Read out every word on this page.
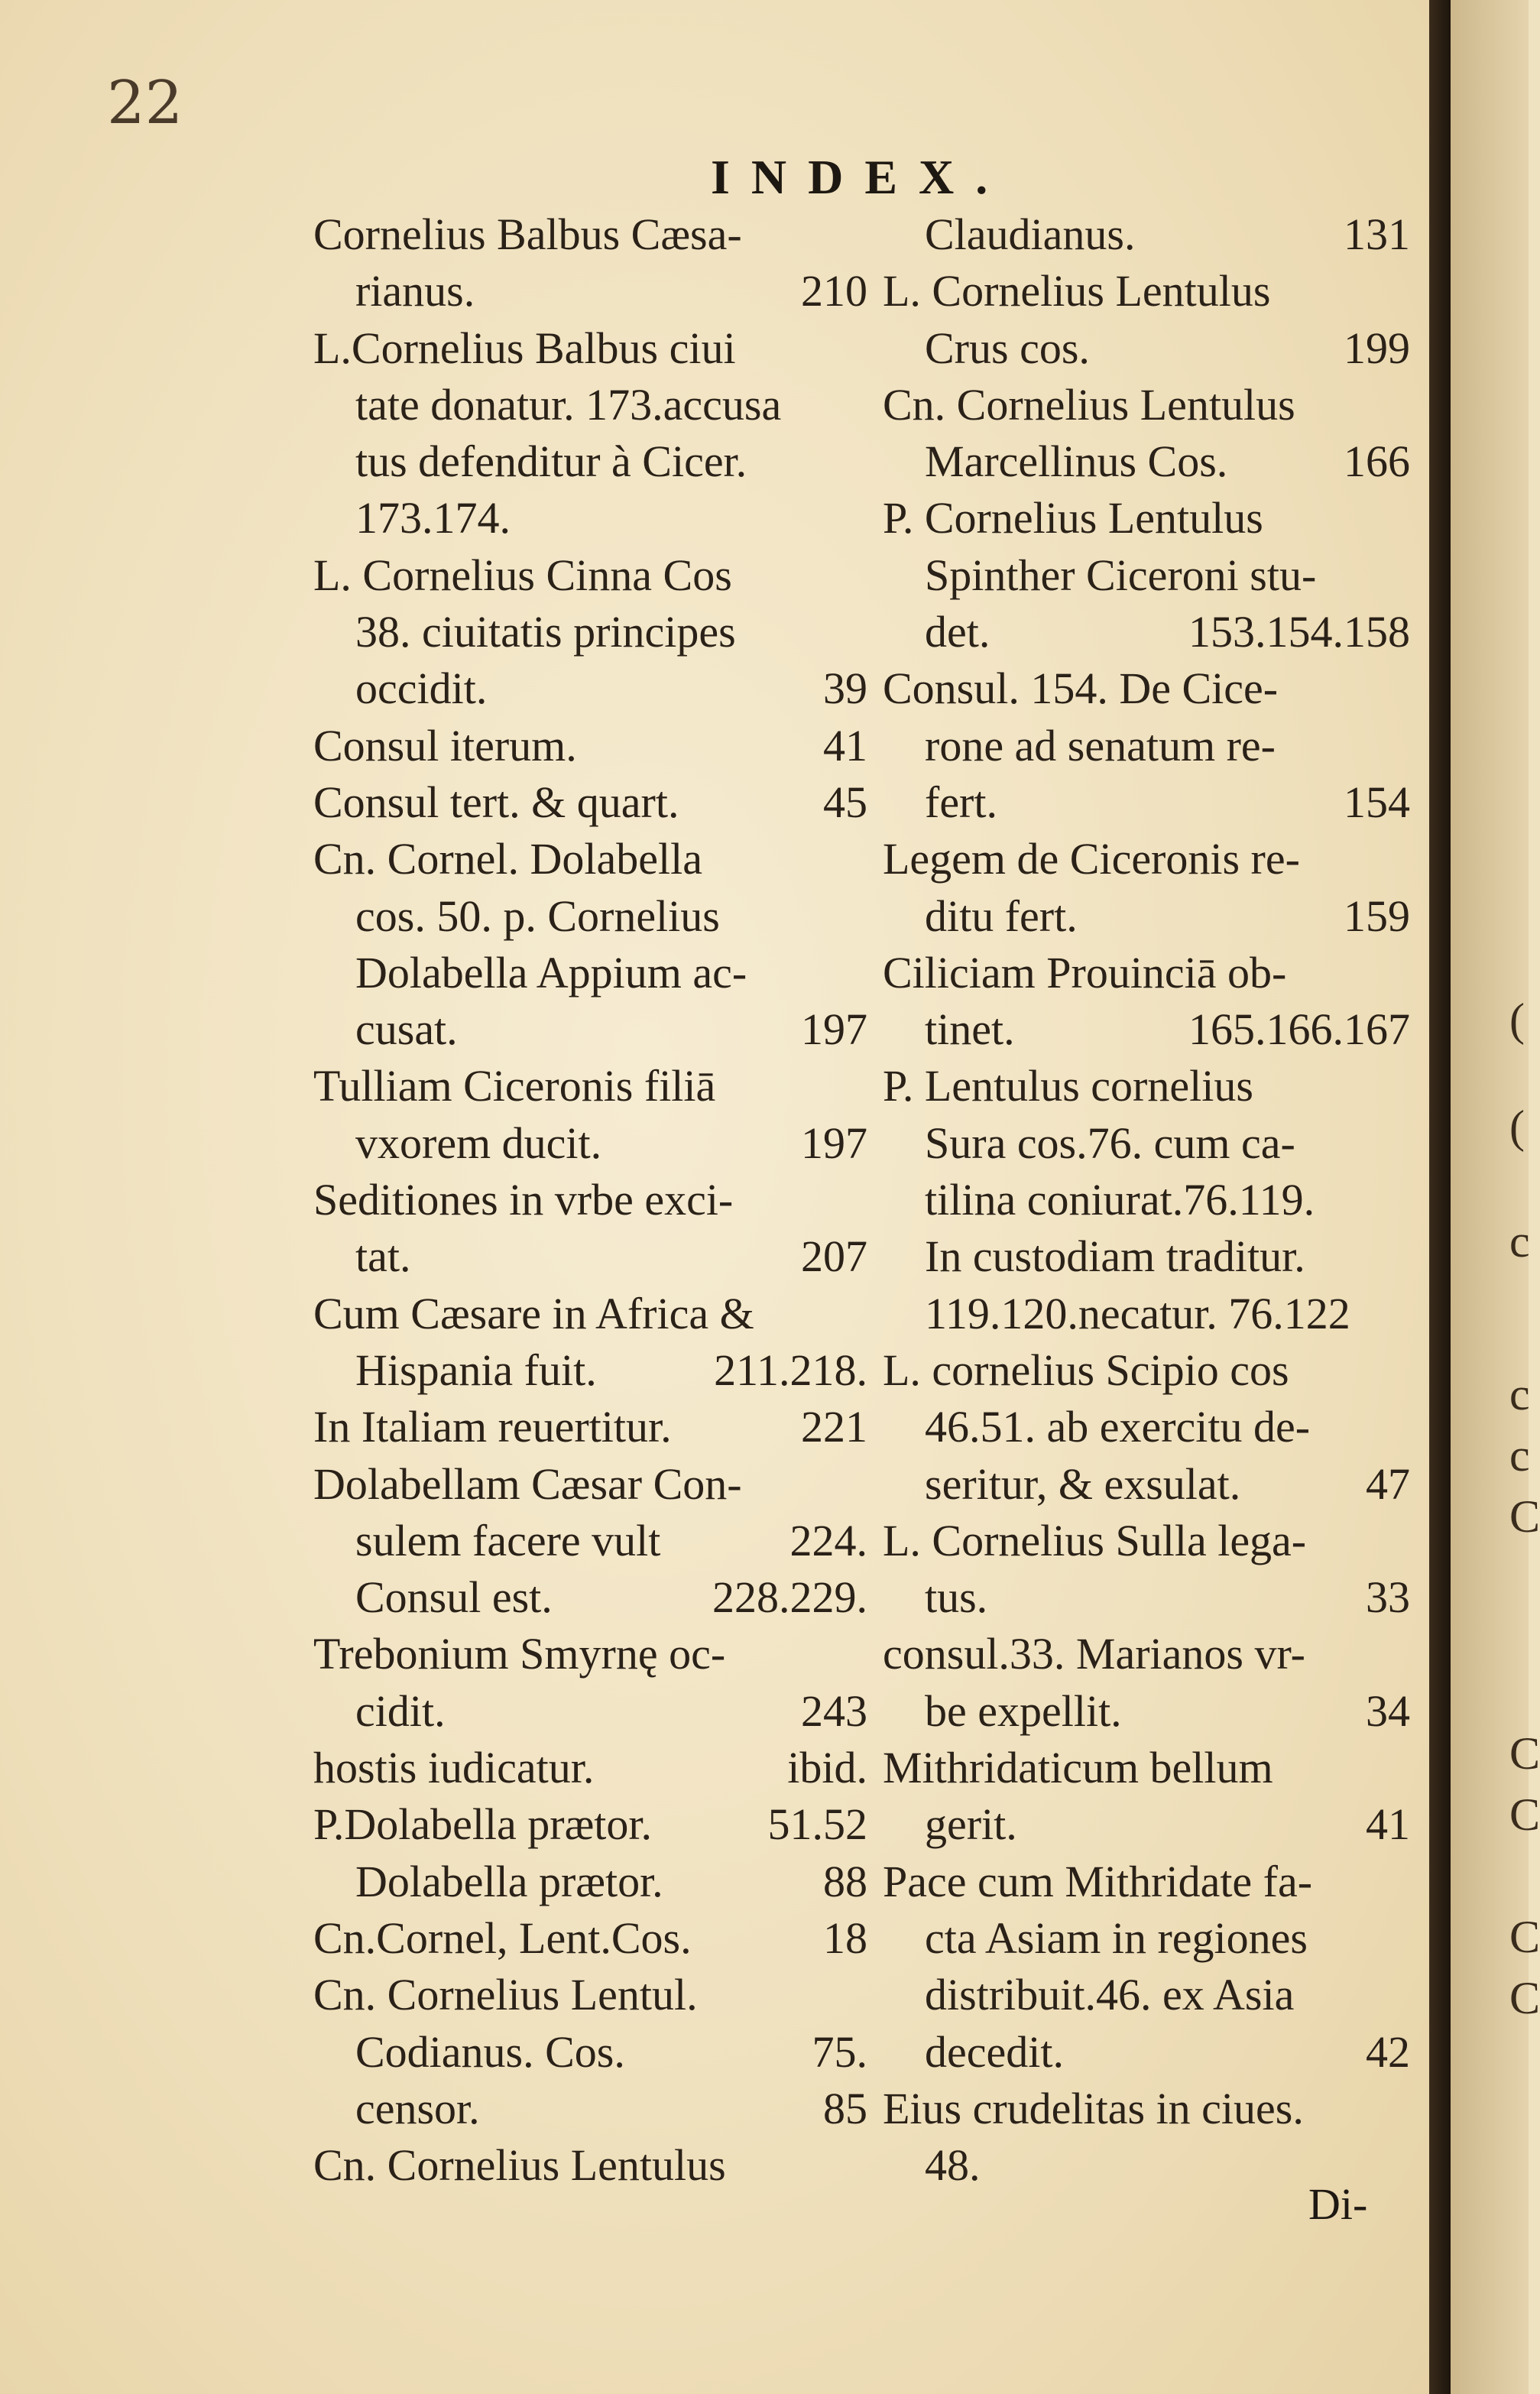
22
INDEX.
Cornelius Balbus Cæsa-
rianus.	210
L.Cornelius Balbus ciui
tate donatur. 173.accusa
tus defenditur à Cicer.
173.174.
L. Cornelius Cinna Cos
38. ciuitatis principes
occidit.	39
Consul iterum.	41
Consul tert. & quart.	45
Cn. Cornel. Dolabella
cos. 50. p. Cornelius
Dolabella Appium ac-
cusat.	197
Tulliam Ciceronis filiā
vxorem ducit.	197
Seditiones in vrbe exci-
tat.	207
Cum Cæsare in Africa &
Hispania fuit.	211.218.
In Italiam reuertitur.	221
Dolabellam Cæsar Con-
sulem facere vult	224.
Consul est.	228.229.
Trebonium Smyrnę oc-
cidit.	243
hostis iudicatur.	ibid.
P.Dolabella prætor.	51.52
Dolabella prætor.	88
Cn.Cornel, Lent.Cos.	18
Cn. Cornelius Lentul.
Codianus. Cos.	75.
censor.	85
Cn. Cornelius Lentulus
Claudianus.	131
L. Cornelius Lentulus
Crus cos.	199
Cn. Cornelius Lentulus
Marcellinus Cos.	166
P. Cornelius Lentulus
Spinther Ciceroni stu-
det.	153.154.158
Consul. 154. De Cice-
rone ad senatum re-
fert.	154
Legem de Ciceronis re-
ditu fert.	159
Ciliciam Prouinciā ob-
tinet.	165.166.167
P. Lentulus cornelius
Sura cos.76. cum ca-
tilina coniurat.76.119.
In custodiam traditur.
119.120.necatur. 76.122
L. cornelius Scipio cos
46.51. ab exercitu de-
seritur, & exsulat.	47
L. Cornelius Sulla lega-
tus.	33
consul.33. Marianos vr-
be expellit.	34
Mithridaticum bellum
gerit.	41
Pace cum Mithridate fa-
cta Asiam in regiones
distribuit.46. ex Asia
decedit.	42
Eius crudelitas in ciues.
48.
Di-
(
(
c
c
c
C
C
C
C
C
